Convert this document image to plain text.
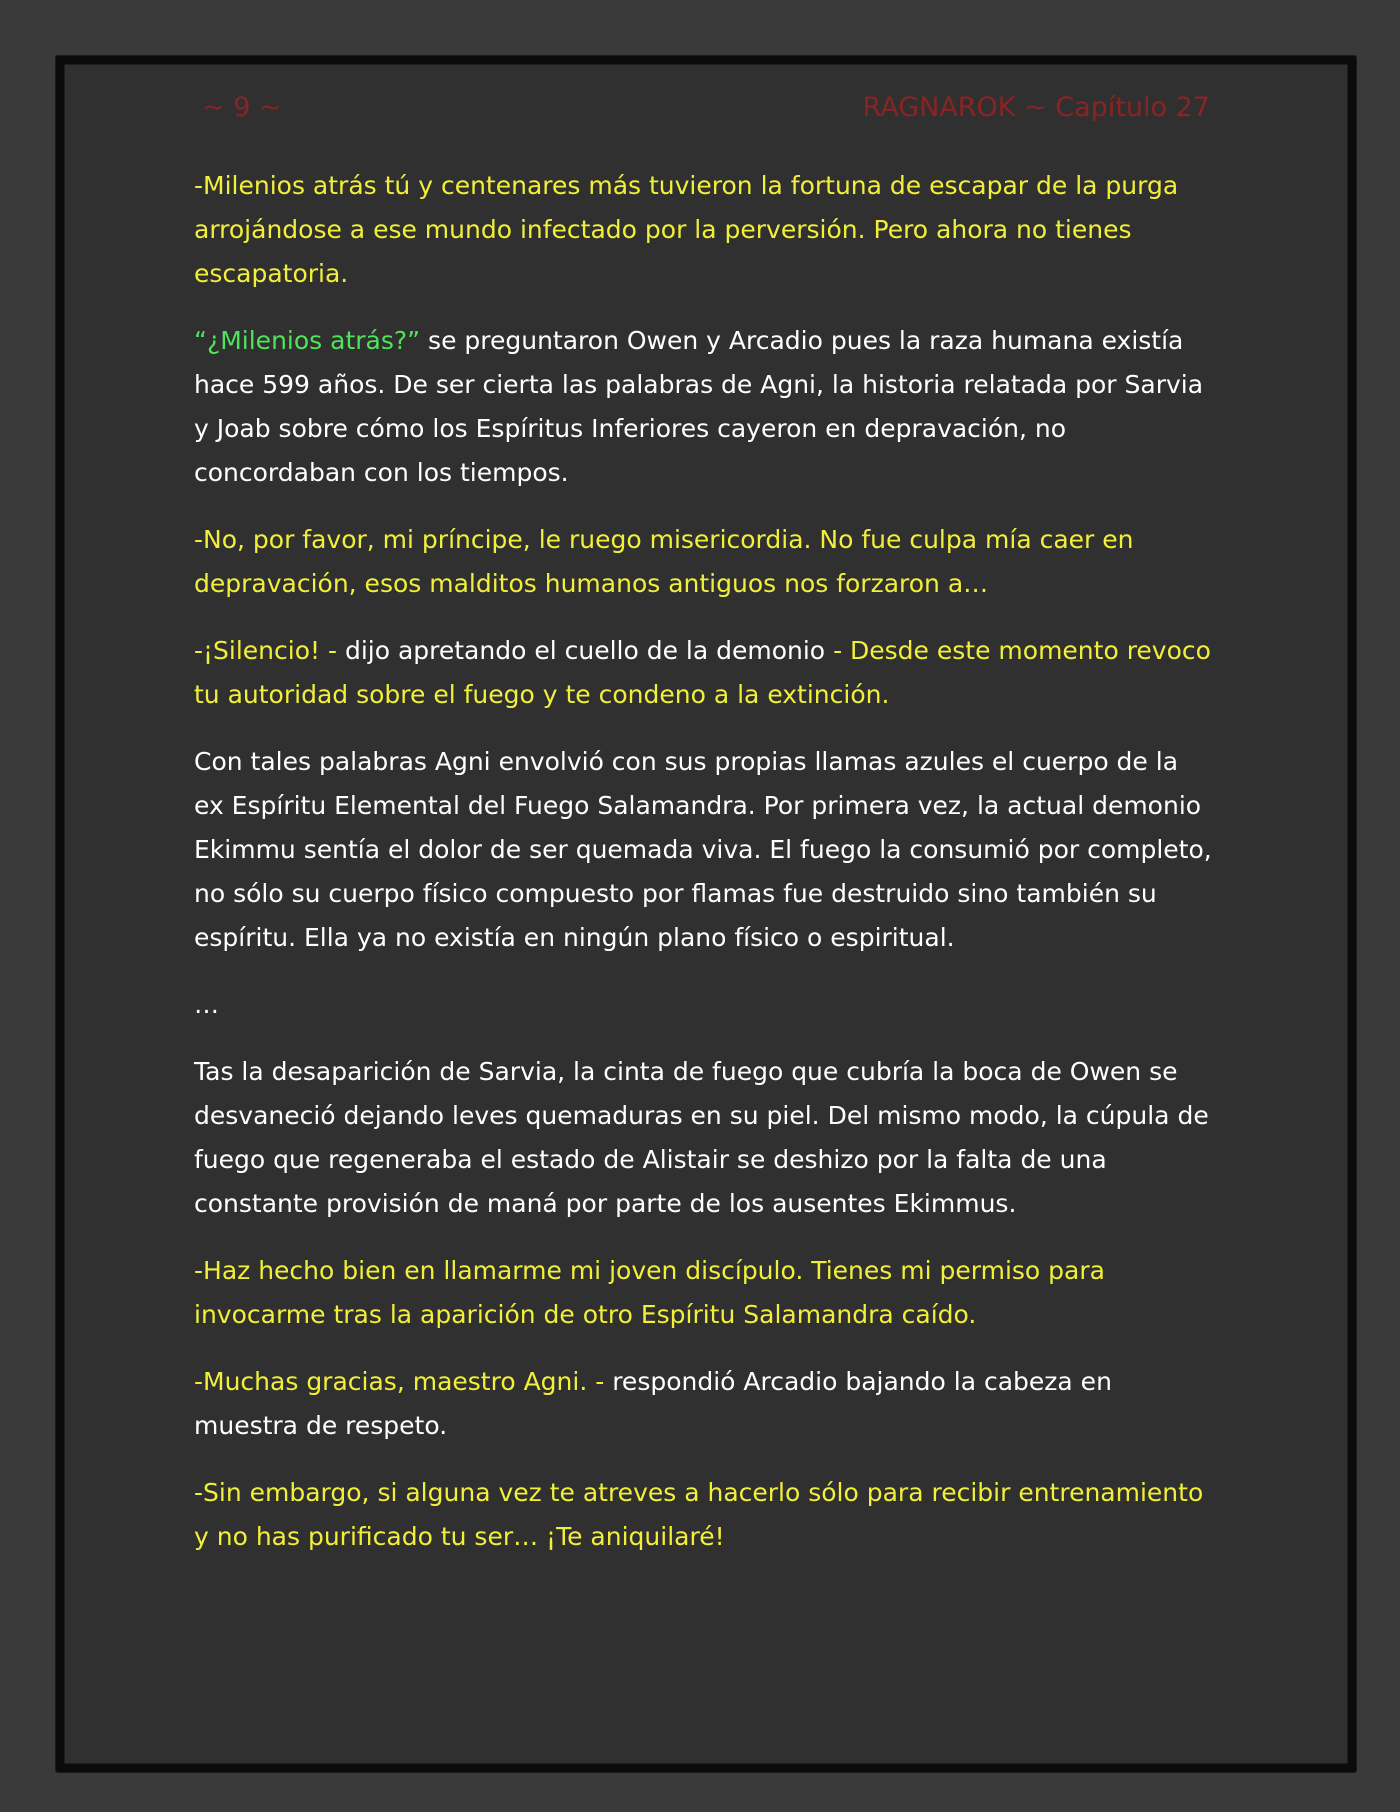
~ 9 ~	RAGNAROK ~ Capítulo 27

-Milenios atrás tú y centenares más tuvieron la fortuna de escapar de la purga arrojándose a ese mundo infectado por la perversión. Pero ahora no tienes escapatoria.

“¿Milenios atrás?” se preguntaron Owen y Arcadio pues la raza humana existía hace 599 años. De ser cierta las palabras de Agni, la historia relatada por Sarvia y Joab sobre cómo los Espíritus Inferiores cayeron en depravación, no concordaban con los tiempos.

-No, por favor, mi príncipe, le ruego misericordia. No fue culpa mía caer en depravación, esos malditos humanos antiguos nos forzaron a…

-¡Silencio! - dijo apretando el cuello de la demonio - Desde este momento revoco tu autoridad sobre el fuego y te condeno a la extinción.

Con tales palabras Agni envolvió con sus propias llamas azules el cuerpo de la ex Espíritu Elemental del Fuego Salamandra. Por primera vez, la actual demonio Ekimmu sentía el dolor de ser quemada viva. El fuego la consumió por completo, no sólo su cuerpo físico compuesto por flamas fue destruido sino también su espíritu. Ella ya no existía en ningún plano físico o espiritual.

…

Tas la desaparición de Sarvia, la cinta de fuego que cubría la boca de Owen se desvaneció dejando leves quemaduras en su piel. Del mismo modo, la cúpula de fuego que regeneraba el estado de Alistair se deshizo por la falta de una constante provisión de maná por parte de los ausentes Ekimmus.

-Haz hecho bien en llamarme mi joven discípulo. Tienes mi permiso para invocarme tras la aparición de otro Espíritu Salamandra caído.

-Muchas gracias, maestro Agni. - respondió Arcadio bajando la cabeza en muestra de respeto.

-Sin embargo, si alguna vez te atreves a hacerlo sólo para recibir entrenamiento y no has purificado tu ser… ¡Te aniquilaré!
